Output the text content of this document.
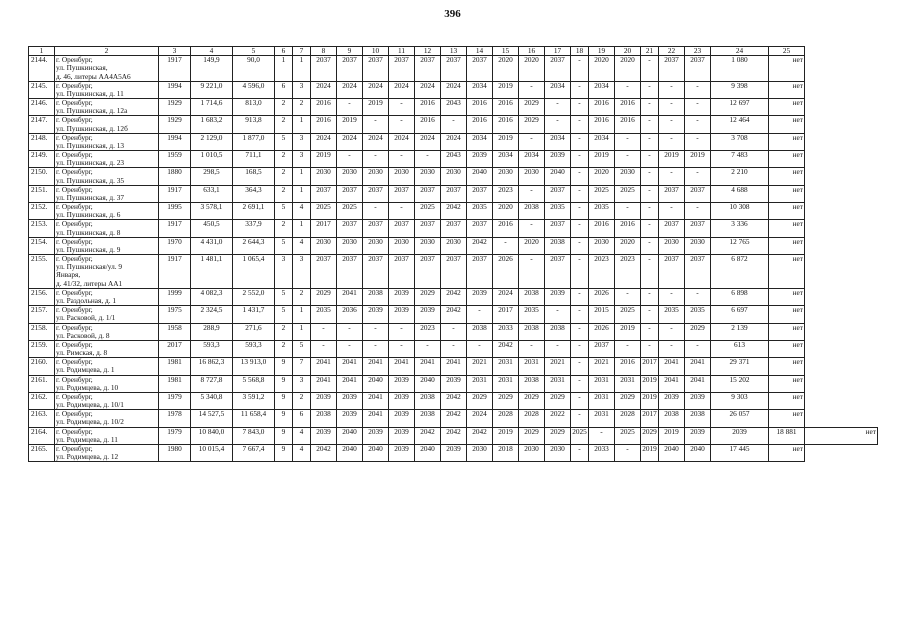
396
1	2	3	4	5	6	7	8	9	10	11	12	13	14	15	16	17	18	19	20	21	22	23	24	25	
2144.	г. Оренбург,
ул. Пушкинская,
д. 46, литеры АА4А5А6	1917	149,9	90,0	1	1	2037	2037	2037	2037	2037	2037	2037	2020	2020	2037	-	2020	2020	-	2037	2037	1 080	нет	
2145.	г. Оренбург,
ул. Пушкинская, д. 11	1994	9 221,0	4 596,0	6	3	2024	2024	2024	2024	2024	2024	2034	2019	-	2034	-	2034	-	-	-	-	9 398	нет	
2146.	г. Оренбург,
ул. Пушкинская, д. 12а	1929	1 714,6	813,0	2	2	2016	-	2019	-	2016	2043	2016	2016	2029	-	-	2016	2016	-	-	-	12 697	нет	
2147.	г. Оренбург,
ул. Пушкинская, д. 12б	1929	1 683,2	913,8	2	1	2016	2019	-	-	2016	-	2016	2016	2029	-	-	2016	2016	-	-	-	12 464	нет	
2148.	г. Оренбург,
ул. Пушкинская, д. 13	1994	2 129,0	1 877,0	5	3	2024	2024	2024	2024	2024	2024	2034	2019	-	2034	-	2034	-	-	-	-	3 708	нет	
2149.	г. Оренбург,
ул. Пушкинская, д. 23	1959	1 010,5	711,1	2	3	2019	-	-	-	-	2043	2039	2034	2034	2039	-	2019	-	-	2019	2019	7 483	нет	
2150.	г. Оренбург,
ул. Пушкинская, д. 35	1880	298,5	168,5	2	1	2030	2030	2030	2030	2030	2030	2040	2030	2030	2040	-	2020	2030	-	-	-	2 210	нет	
2151.	г. Оренбург,
ул. Пушкинская, д. 37	1917	633,1	364,3	2	1	2037	2037	2037	2037	2037	2037	2037	2023	-	2037	-	2025	2025	-	2037	2037	4 688	нет	
2152.	г. Оренбург,
ул. Пушкинская, д. 6	1995	3 578,1	2 691,1	5	4	2025	2025	-	-	2025	2042	2035	2020	2038	2035	-	2035	-	-	-	-	10 308	нет	
2153.	г. Оренбург,
ул. Пушкинская, д. 8	1917	450,5	337,9	2	1	2017	2037	2037	2037	2037	2037	2037	2016	-	2037	-	2016	2016	-	2037	2037	3 336	нет	
2154.	г. Оренбург,
ул. Пушкинская, д. 9	1970	4 431,0	2 644,3	5	4	2030	2030	2030	2030	2030	2030	2042	-	2020	2038	-	2030	2020	-	2030	2030	12 765	нет	
2155.	г. Оренбург,
ул. Пушкинская/ул. 9
Января,
д. 41/32, литеры АА1	1917	1 481,1	1 065,4	3	3	2037	2037	2037	2037	2037	2037	2037	2026	-	2037	-	2023	2023	-	2037	2037	6 872	нет	
2156.	г. Оренбург,
ул. Раздольная, д. 1	1999	4 082,3	2 552,0	5	2	2029	2041	2038	2039	2029	2042	2039	2024	2038	2039	-	2026	-	-	-	-	6 898	нет	
2157.	г. Оренбург,
ул. Расковой, д. 1/1	1975	2 324,5	1 431,7	5	1	2035	2036	2039	2039	2039	2042	-	2017	2035	-	-	2015	2025	-	2035	2035	6 697	нет	
2158.	г. Оренбург,
ул. Расковой, д. 8	1958	288,9	271,6	2	1	-	-	-	-	2023	-	2038	2033	2038	2038	-	2026	2019	-	-	2029	2 139	нет	
2159.	г. Оренбург,
ул. Римская, д. 8	2017	593,3	593,3	2	5	-	-	-	-	-	-	-	2042	-	-	-	2037	-	-	-	-	613	нет	
2160.	г. Оренбург,
ул. Родимцева, д. 1	1981	16 862,3	13 913,0	9	7	2041	2041	2041	2041	2041	2041	2021	2031	2031	2021	-	2021	2016	2017	2041	2041	29 371	нет	
2161.	г. Оренбург,
ул. Родимцева, д. 10	1981	8 727,8	5 568,8	9	3	2041	2041	2040	2039	2040	2039	2031	2031	2038	2031	-	2031	2031	2019	2041	2041	15 202	нет	
2162.	г. Оренбург,
ул. Родимцева, д. 10/1	1979	5 340,8	3 591,2	9	2	2039	2039	2041	2039	2038	2042	2029	2029	2029	2029	-	2031	2029	2019	2039	2039	9 303	нет	
2163.	г. Оренбург,
ул. Родимцева, д. 10/2	1978	14 527,5	11 658,4	9	6	2038	2039	2041	2039	2038	2042	2024	2028	2028	2022	-	2031	2028	2017	2038	2038	26 057	нет	
2164.	г. Оренбург,
ул. Родимцева, д. 11	1979	10 840,0	7 843,0	9	4	2039	2040	2039	2039	2042	2042	2042	2019	2029	2029	2025	-	2025	2029	2019	2039	2039	18 881	нет
2165.	г. Оренбург,
ул. Родимцева, д. 12	1980	10 015,4	7 667,4	9	4	2042	2040	2040	2039	2040	2039	2030	2018	2030	2030	-	2033	-	2019	2040	2040	17 445	нет	
